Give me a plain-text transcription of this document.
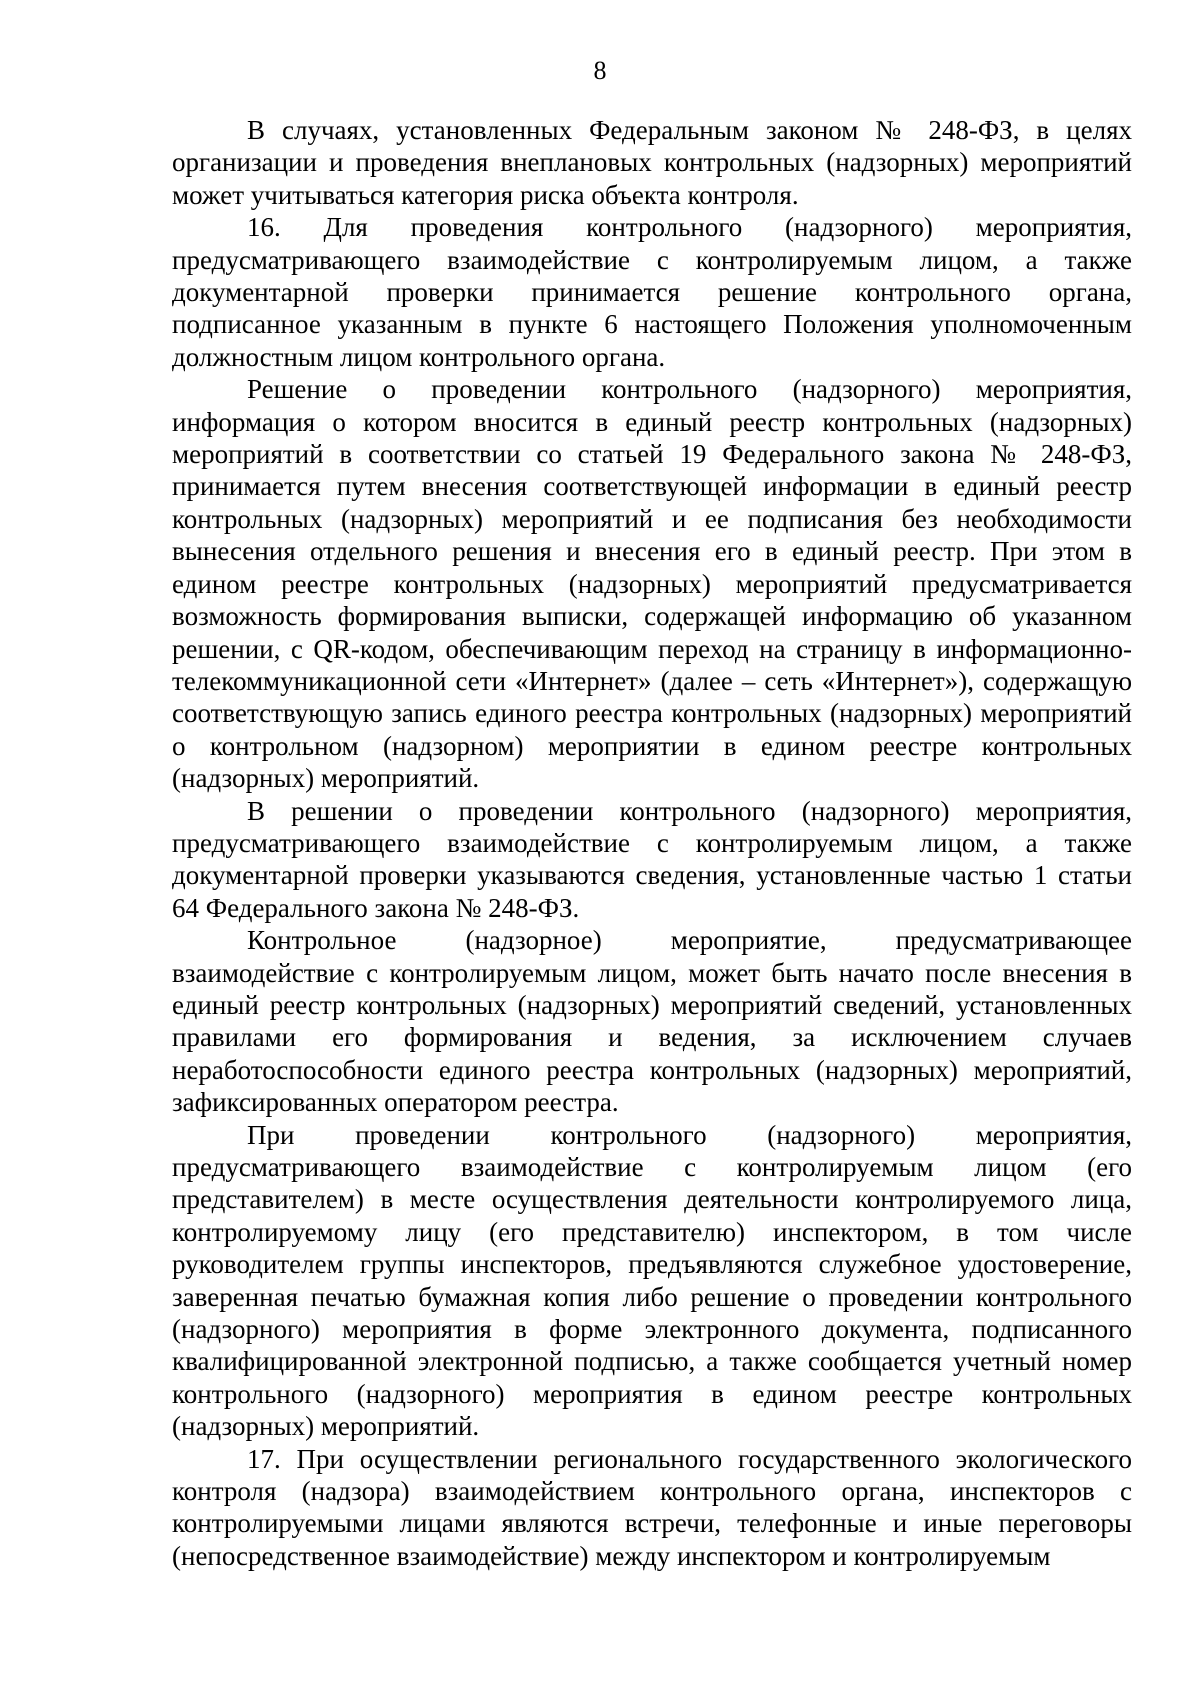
8

В случаях, установленных Федеральным законом № 248-ФЗ, в целях организации и проведения внеплановых контрольных (надзорных) мероприятий может учитываться категория риска объекта контроля.

16. Для проведения контрольного (надзорного) мероприятия, предусматривающего взаимодействие с контролируемым лицом, а также документарной проверки принимается решение контрольного органа, подписанное указанным в пункте 6 настоящего Положения уполномоченным должностным лицом контрольного органа.

Решение о проведении контрольного (надзорного) мероприятия, информация о котором вносится в единый реестр контрольных (надзорных) мероприятий в соответствии со статьей 19 Федерального закона № 248-ФЗ, принимается путем внесения соответствующей информации в единый реестр контрольных (надзорных) мероприятий и ее подписания без необходимости вынесения отдельного решения и внесения его в единый реестр. При этом в едином реестре контрольных (надзорных) мероприятий предусматривается возможность формирования выписки, содержащей информацию об указанном решении, с QR-кодом, обеспечивающим переход на страницу в информационно-телекоммуникационной сети «Интернет» (далее – сеть «Интернет»), содержащую соответствующую запись единого реестра контрольных (надзорных) мероприятий о контрольном (надзорном) мероприятии в едином реестре контрольных (надзорных) мероприятий.

В решении о проведении контрольного (надзорного) мероприятия, предусматривающего взаимодействие с контролируемым лицом, а также документарной проверки указываются сведения, установленные частью 1 статьи 64 Федерального закона № 248-ФЗ.

Контрольное (надзорное) мероприятие, предусматривающее взаимодействие с контролируемым лицом, может быть начато после внесения в единый реестр контрольных (надзорных) мероприятий сведений, установленных правилами его формирования и ведения, за исключением случаев неработоспособности единого реестра контрольных (надзорных) мероприятий, зафиксированных оператором реестра.

При проведении контрольного (надзорного) мероприятия, предусматривающего взаимодействие с контролируемым лицом (его представителем) в месте осуществления деятельности контролируемого лица, контролируемому лицу (его представителю) инспектором, в том числе руководителем группы инспекторов, предъявляются служебное удостоверение, заверенная печатью бумажная копия либо решение о проведении контрольного (надзорного) мероприятия в форме электронного документа, подписанного квалифицированной электронной подписью, а также сообщается учетный номер контрольного (надзорного) мероприятия в едином реестре контрольных (надзорных) мероприятий.

17. При осуществлении регионального государственного экологического контроля (надзора) взаимодействием контрольного органа, инспекторов с контролируемыми лицами являются встречи, телефонные и иные переговоры (непосредственное взаимодействие) между инспектором и контролируемым
